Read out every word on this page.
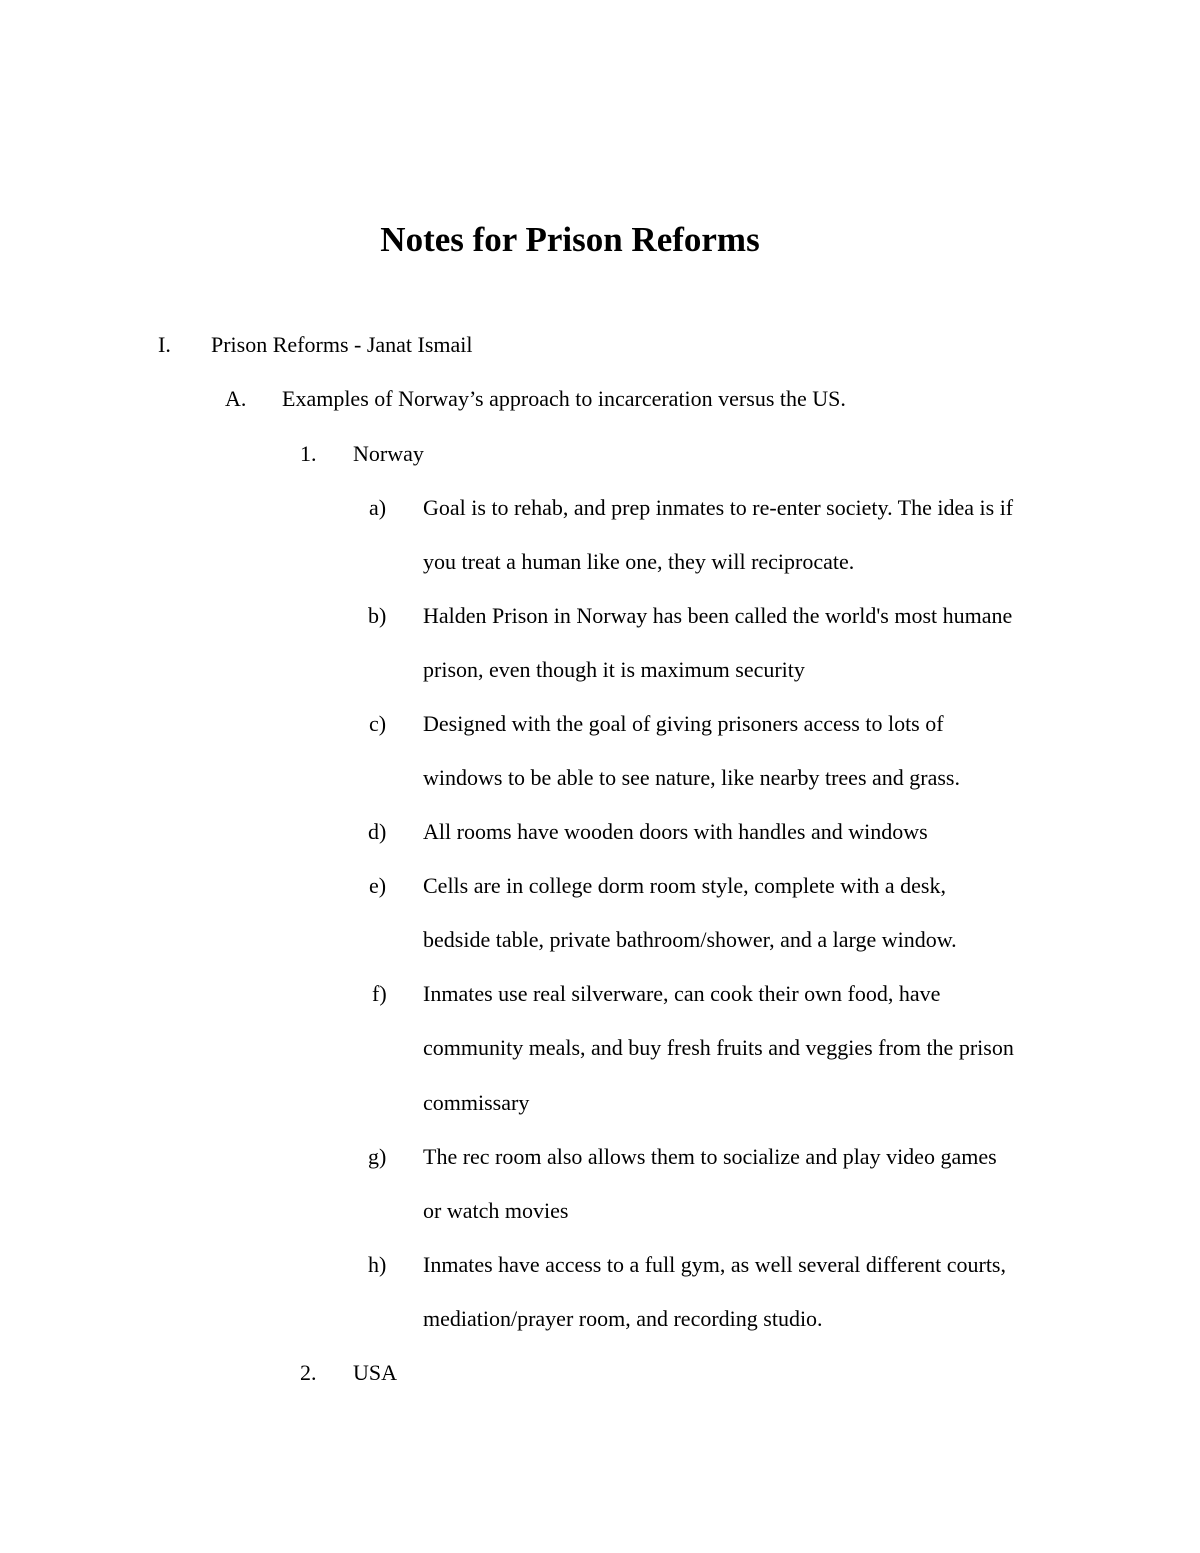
Notes for Prison Reforms
I. Prison Reforms - Janat Ismail
A. Examples of Norway’s approach to incarceration versus the US.
1. Norway
a) Goal is to rehab, and prep inmates to re-enter society. The idea is if
you treat a human like one, they will reciprocate.
b) Halden Prison in Norway has been called the world's most humane
prison, even though it is maximum security
c) Designed with the goal of giving prisoners access to lots of
windows to be able to see nature, like nearby trees and grass.
d) All rooms have wooden doors with handles and windows
e) Cells are in college dorm room style, complete with a desk,
bedside table, private bathroom/shower, and a large window.
f) Inmates use real silverware, can cook their own food, have
community meals, and buy fresh fruits and veggies from the prison
commissary
g) The rec room also allows them to socialize and play video games
or watch movies
h) Inmates have access to a full gym, as well several different courts,
mediation/prayer room, and recording studio.
2. USA
